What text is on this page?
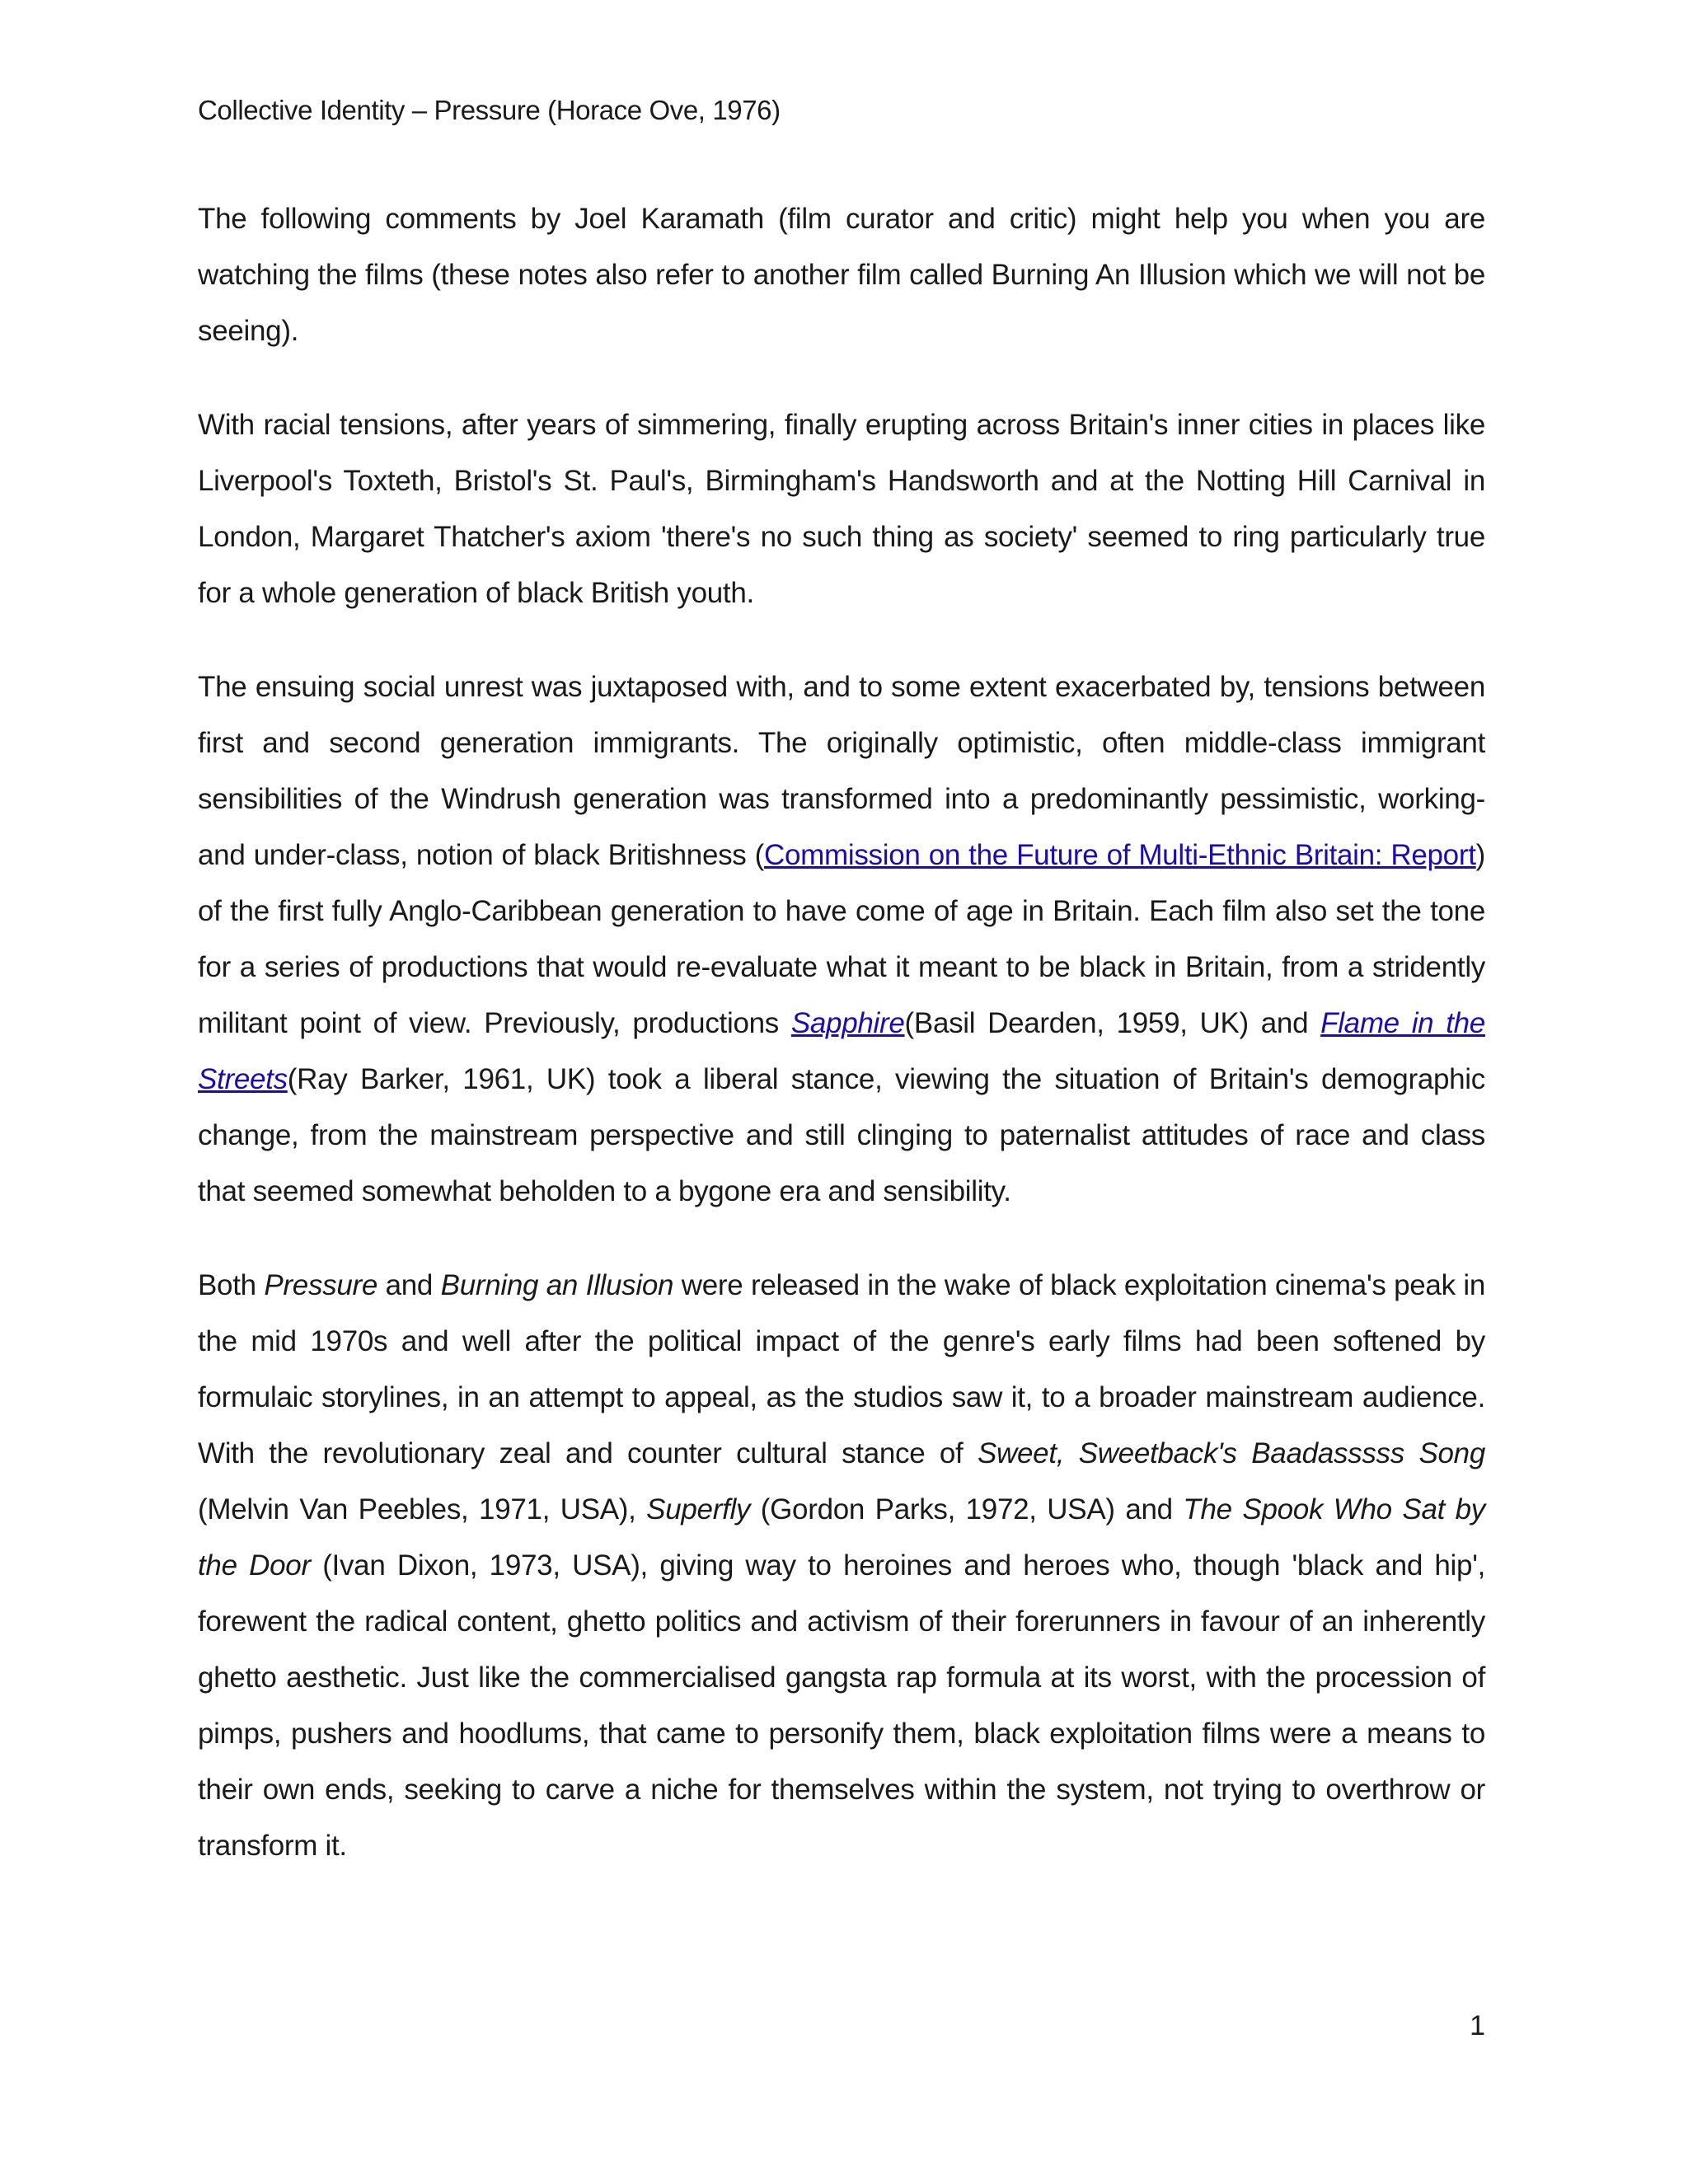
Collective Identity – Pressure (Horace Ove, 1976)

The following comments by Joel Karamath (film curator and critic) might help you when you are watching the films (these notes also refer to another film called Burning An Illusion which we will not be seeing).

With racial tensions, after years of simmering, finally erupting across Britain's inner cities in places like Liverpool's Toxteth, Bristol's St. Paul's, Birmingham's Handsworth and at the Notting Hill Carnival in London, Margaret Thatcher's axiom 'there's no such thing as society' seemed to ring particularly true for a whole generation of black British youth.

The ensuing social unrest was juxtaposed with, and to some extent exacerbated by, tensions between first and second generation immigrants. The originally optimistic, often middle-class immigrant sensibilities of the Windrush generation was transformed into a predominantly pessimistic, working- and under-class, notion of black Britishness (Commission on the Future of Multi-Ethnic Britain: Report) of the first fully Anglo-Caribbean generation to have come of age in Britain. Each film also set the tone for a series of productions that would re-evaluate what it meant to be black in Britain, from a stridently militant point of view. Previously, productions Sapphire(Basil Dearden, 1959, UK) and Flame in the Streets(Ray Barker, 1961, UK) took a liberal stance, viewing the situation of Britain's demographic change, from the mainstream perspective and still clinging to paternalist attitudes of race and class that seemed somewhat beholden to a bygone era and sensibility.

Both Pressure and Burning an Illusion were released in the wake of black exploitation cinema's peak in the mid 1970s and well after the political impact of the genre's early films had been softened by formulaic storylines, in an attempt to appeal, as the studios saw it, to a broader mainstream audience. With the revolutionary zeal and counter cultural stance of Sweet, Sweetback's Baadasssss Song (Melvin Van Peebles, 1971, USA), Superfly (Gordon Parks, 1972, USA) and The Spook Who Sat by the Door (Ivan Dixon, 1973, USA), giving way to heroines and heroes who, though 'black and hip', forewent the radical content, ghetto politics and activism of their forerunners in favour of an inherently ghetto aesthetic. Just like the commercialised gangsta rap formula at its worst, with the procession of pimps, pushers and hoodlums, that came to personify them, black exploitation films were a means to their own ends, seeking to carve a niche for themselves within the system, not trying to overthrow or transform it.

1
